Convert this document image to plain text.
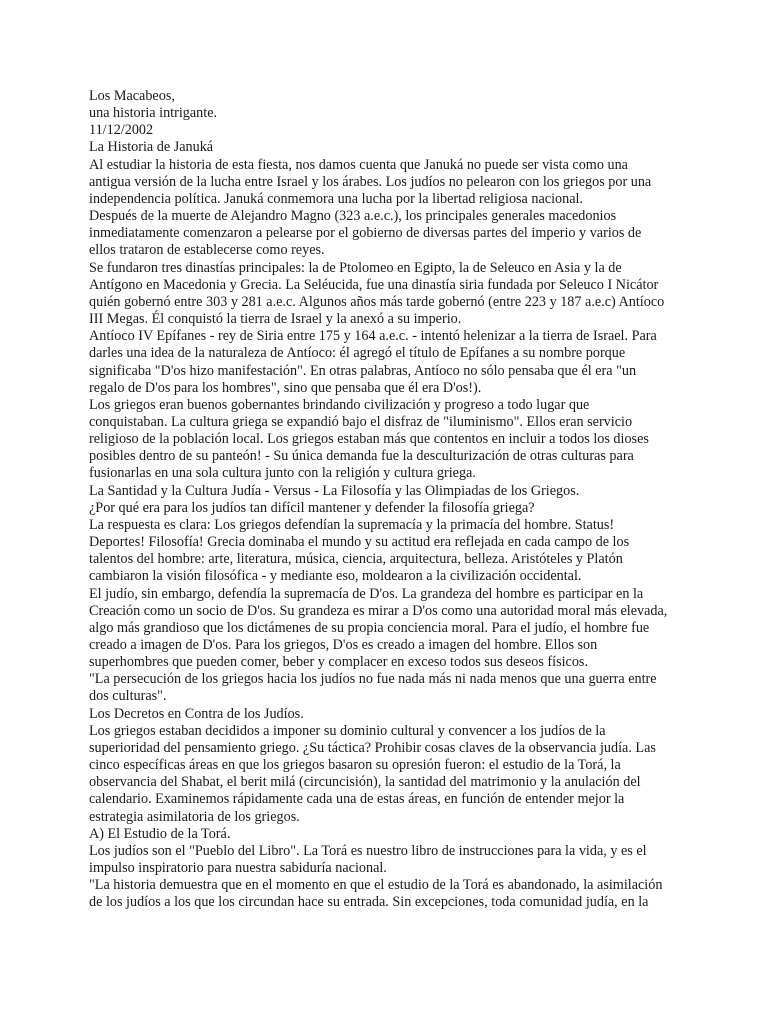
Los Macabeos,
una historia intrigante.
11/12/2002
La Historia de Januká
Al estudiar la historia de esta fiesta, nos damos cuenta que Januká no puede ser vista como una
antigua versión de la lucha entre Israel y los árabes. Los judíos no pelearon con los griegos por una
independencia política. Januká conmemora una lucha por la libertad religiosa nacional.
Después de la muerte de Alejandro Magno (323 a.e.c.), los principales generales macedonios
inmediatamente comenzaron a pelearse por el gobierno de diversas partes del imperio y varios de
ellos trataron de establecerse como reyes.
Se fundaron tres dinastías principales: la de Ptolomeo en Egipto, la de Seleuco en Asia y la de
Antígono en Macedonia y Grecia. La Seléucida, fue una dinastía siria fundada por Seleuco I Nicátor
quién gobernó entre 303 y 281 a.e.c. Algunos años más tarde gobernó (entre 223 y 187 a.e.c) Antíoco
III Megas. Él conquistó la tierra de Israel y la anexó a su imperio.
Antíoco IV Epífanes - rey de Siria entre 175 y 164 a.e.c. - intentó helenizar a la tierra de Israel. Para
darles una idea de la naturaleza de Antíoco: él agregó el título de Epífanes a su nombre porque
significaba "D'os hizo manifestación". En otras palabras, Antíoco no sólo pensaba que él era "un
regalo de D'os para los hombres", sino que pensaba que él era D'os!).
Los griegos eran buenos gobernantes brindando civilización y progreso a todo lugar que
conquistaban. La cultura griega se expandió bajo el disfraz de "iluminismo". Ellos eran servicio
religioso de la población local. Los griegos estaban más que contentos en incluir a todos los dioses
posibles dentro de su panteón! - Su única demanda fue la desculturización de otras culturas para
fusionarlas en una sola cultura junto con la religión y cultura griega.
La Santidad y la Cultura Judía - Versus - La Filosofía y las Olimpiadas de los Griegos.
¿Por qué era para los judíos tan difícil mantener y defender la filosofía griega?
La respuesta es clara: Los griegos defendían la supremacía y la primacía del hombre. Status!
Deportes! Filosofía! Grecia dominaba el mundo y su actitud era reflejada en cada campo de los
talentos del hombre: arte, literatura, música, ciencia, arquitectura, belleza. Aristóteles y Platón
cambiaron la visión filosófica - y mediante eso, moldearon a la civilización occidental.
El judío, sin embargo, defendía la supremacía de D'os. La grandeza del hombre es participar en la
Creación como un socio de D'os. Su grandeza es mirar a D'os como una autoridad moral más elevada,
algo más grandioso que los dictámenes de su propia conciencia moral. Para el judío, el hombre fue
creado a imagen de D'os. Para los griegos, D'os es creado a imagen del hombre. Ellos son
superhombres que pueden comer, beber y complacer en exceso todos sus deseos físicos.
"La persecución de los griegos hacia los judíos no fue nada más ni nada menos que una guerra entre
dos culturas".
Los Decretos en Contra de los Judíos.
Los griegos estaban decididos a imponer su dominio cultural y convencer a los judíos de la
superioridad del pensamiento griego. ¿Su táctica? Prohibir cosas claves de la observancia judía. Las
cinco específicas áreas en que los griegos basaron su opresión fueron: el estudio de la Torá, la
observancia del Shabat, el berit milá (circuncisión), la santidad del matrimonio y la anulación del
calendario. Examinemos rápidamente cada una de estas áreas, en función de entender mejor la
estrategia asimilatoria de los griegos.
A) El Estudio de la Torá.
Los judíos son el "Pueblo del Libro". La Torá es nuestro libro de instrucciones para la vida, y es el
impulso inspiratorio para nuestra sabiduría nacional.
"La historia demuestra que en el momento en que el estudio de la Torá es abandonado, la asimilación
de los judíos a los que los circundan hace su entrada. Sin excepciones, toda comunidad judía, en la
